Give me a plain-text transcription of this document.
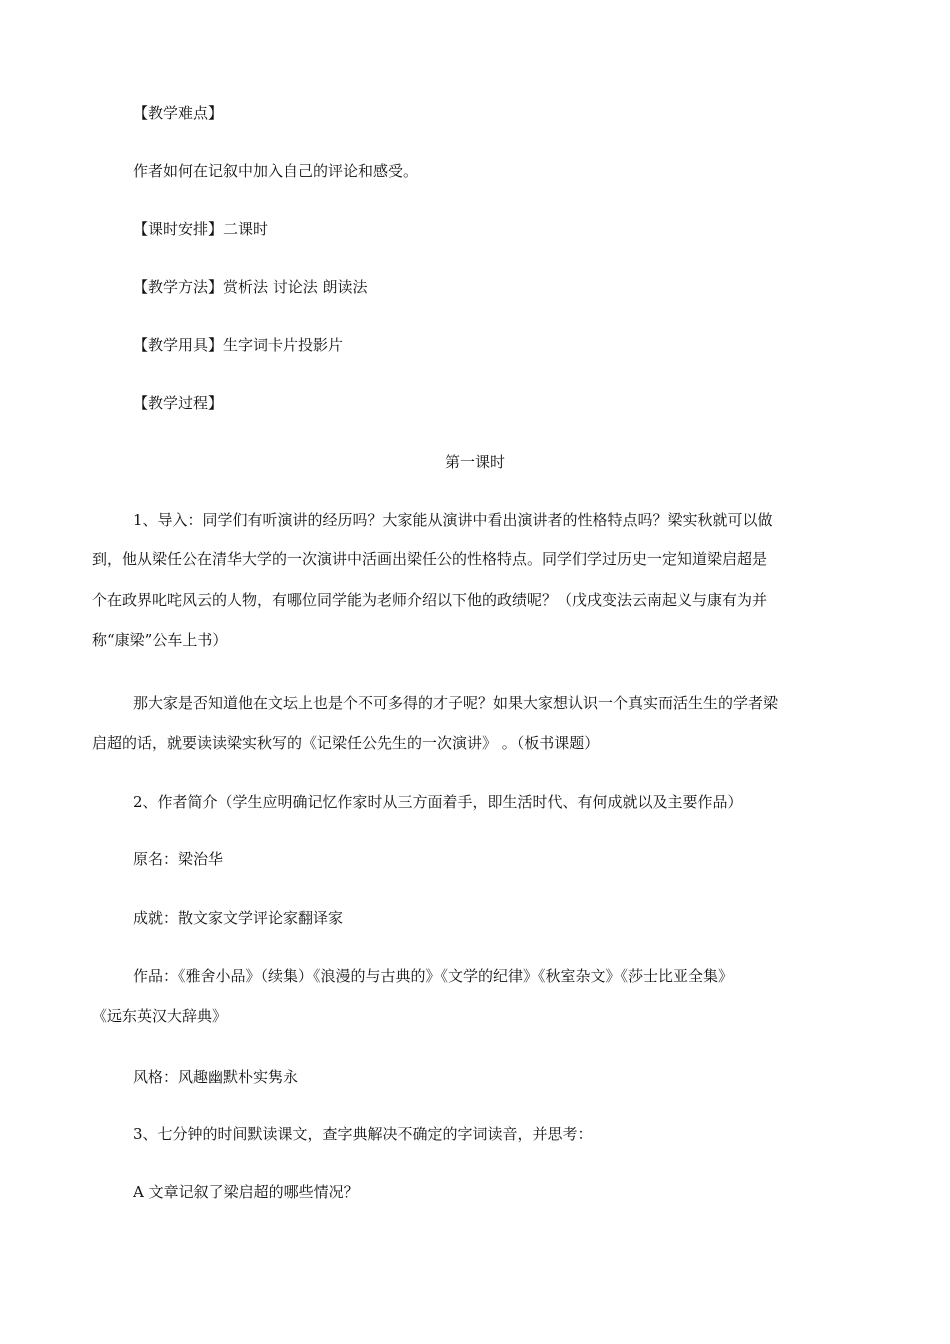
【教学难点】
作者如何在记叙中加入自己的评论和感受。
【课时安排】二课时
【教学方法】赏析法 讨论法 朗读法
【教学用具】生字词卡片投影片
【教学过程】
第一课时
1、导入：同学们有听演讲的经历吗？大家能从演讲中看出演讲者的性格特点吗？梁实秋就可以做
到，他从梁任公在清华大学的一次演讲中活画出梁任公的性格特点。同学们学过历史一定知道梁启超是
个在政界叱咤风云的人物，有哪位同学能为老师介绍以下他的政绩呢？（戊戌变法云南起义与康有为并
称“康梁”公车上书）
那大家是否知道他在文坛上也是个不可多得的才子呢？如果大家想认识一个真实而活生生的学者梁
启超的话，就要读读梁实秋写的《记梁任公先生的一次演讲》 。（板书课题）
2、作者简介（学生应明确记忆作家时从三方面着手，即生活时代、有何成就以及主要作品）
原名：梁治华
成就：散文家文学评论家翻译家
作品：《雅舍小品》（续集）《浪漫的与古典的》《文学的纪律》《秋室杂文》《莎士比亚全集》
《远东英汉大辞典》
风格：风趣幽默朴实隽永
3、七分钟的时间默读课文，查字典解决不确定的字词读音，并思考：
A 文章记叙了梁启超的哪些情况？
